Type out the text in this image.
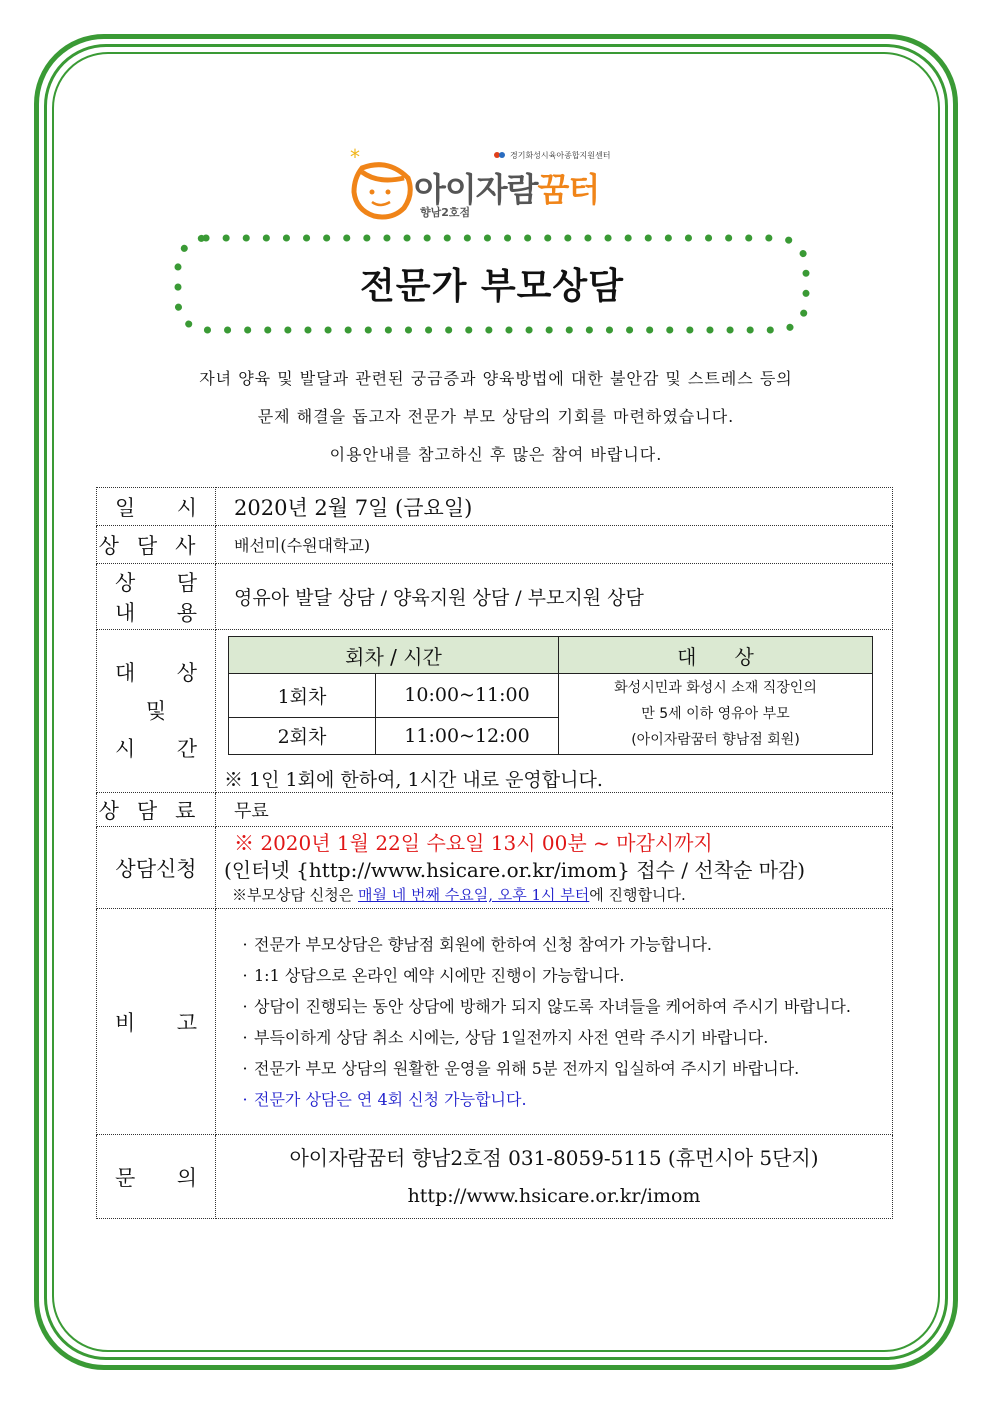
*	경기화성시육아종합지원센터
아이자람꿈터
향남2호점
전문가 부모상담
자녀 양육 및 발달과 관련된 궁금증과 양육방법에 대한 불안감 및 스트레스 등의
문제 해결을 돕고자 전문가 부모 상담의 기회를 마련하였습니다.
이용안내를 참고하신 후 많은 참여 바랍니다.
일 시	2020년 2월 7일 (금요일)
상담사	배선미(수원대학교)

상 담
내 용
	영유아 발달 상담 / 양육지원 상담 / 부모지원 상담

대 상
및
시 간

회차 / 시간	대      상
1회차	10:00~11:00	화성시민과 화성시 소재 직장인의
만 5세 이하 영유아 부모
(아이자람꿈터 향남점 회원)

2회차	11:00~12:00
※ 1인 1회에 한하여, 1시간 내로 운영합니다.

상담료	무료
상담신청	
※ 2020년 1월 22일 수요일 13시 00분 ~ 마감시까지
(인터넷 {http://www.hsicare.or.kr/imom} 접수 / 선착순 마감)
※부모상담 신청은 매월 네 번째 수요일, 오후 1시 부터에 진행합니다.

비 고

· 전문가 부모상담은 향남점 회원에 한하여 신청 참여가 가능합니다.
· 1:1 상담으로 온라인 예약 시에만 진행이 가능합니다.
· 상담이 진행되는 동안 상담에 방해가 되지 않도록 자녀들을 케어하여 주시기 바랍니다.
· 부득이하게 상담 취소 시에는, 상담 1일전까지 사전 연락 주시기 바랍니다.
· 전문가 부모 상담의 원활한 운영을 위해 5분 전까지 입실하여 주시기 바랍니다.
· 전문가 상담은 연 4회 신청 가능합니다.

문 의

아이자람꿈터 향남2호점 031-8059-5115 (휴먼시아 5단지)
http://www.hsicare.or.kr/imom
